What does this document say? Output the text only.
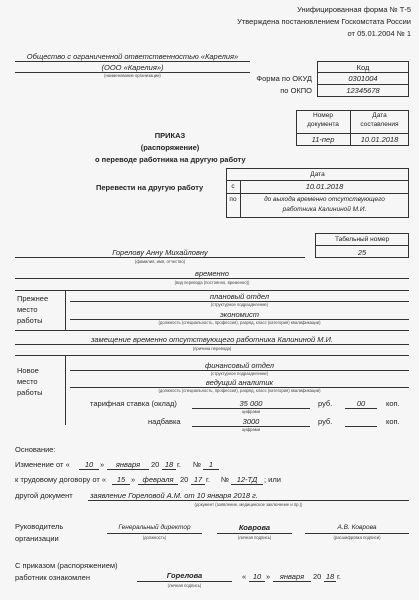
Унифицированная форма № Т-5
Утверждена постановлением Госкомстата России
от 05.01.2004 № 1
Общество с ограниченной ответственностью «Карелия»
(ООО «Карелия»)
(наименование организации)
Код
Форма по ОКУД	0301004
по ОКПО	12345678
Номер
документа
Дата
составления
11-пер	10.01.2018
ПРИКАЗ
(распоряжение)
о переводе работника на другую работу
Перевести на другую работу
Дата
с	10.01.2018
по	до выхода временно отсутствующего
работника Калининой М.И.
Табельный номер
25
Горелову Анну Михайловну
(фамилия, имя, отчество)
временно
(вид перевода (постоянно, временно))
Прежнее
место
работы
плановый отдел
(структурное подразделение)
экономист
(должность (специальность, профессия), разряд, класс (категория) квалификации)
замещение временно отсутствующего работника Калининой М.И.
(причина перевода)
Новое
место
работы
финансовый отдел
(структурное подразделение)
ведущий аналитик
(должность (специальность, профессия), разряд, класс (категория) квалификации)
тарифная ставка (оклад)	35 000
цифрами
руб.	00	коп.
надбавка	3000
цифрами
руб.	коп.
Основание:
Изменение от «	10 »	января	20 18 г. №	1
к трудовому договору от «	15 » февраля 20 17 г. №	12-ТД ; или
другой документ заявление Гореловой А.М. от 10 января 2018 г.
(документ (заявление, медицинское заключение и пр.))
Руководитель
организации
Генеральный директор
(должность)
Коврова
(личная подпись)
А.В. Коврова
(расшифровка подписи)
С приказом (распоряжением)
работник ознакомлен	Горелова
(личная подпись)
« 10 »	января	20 18 г.
